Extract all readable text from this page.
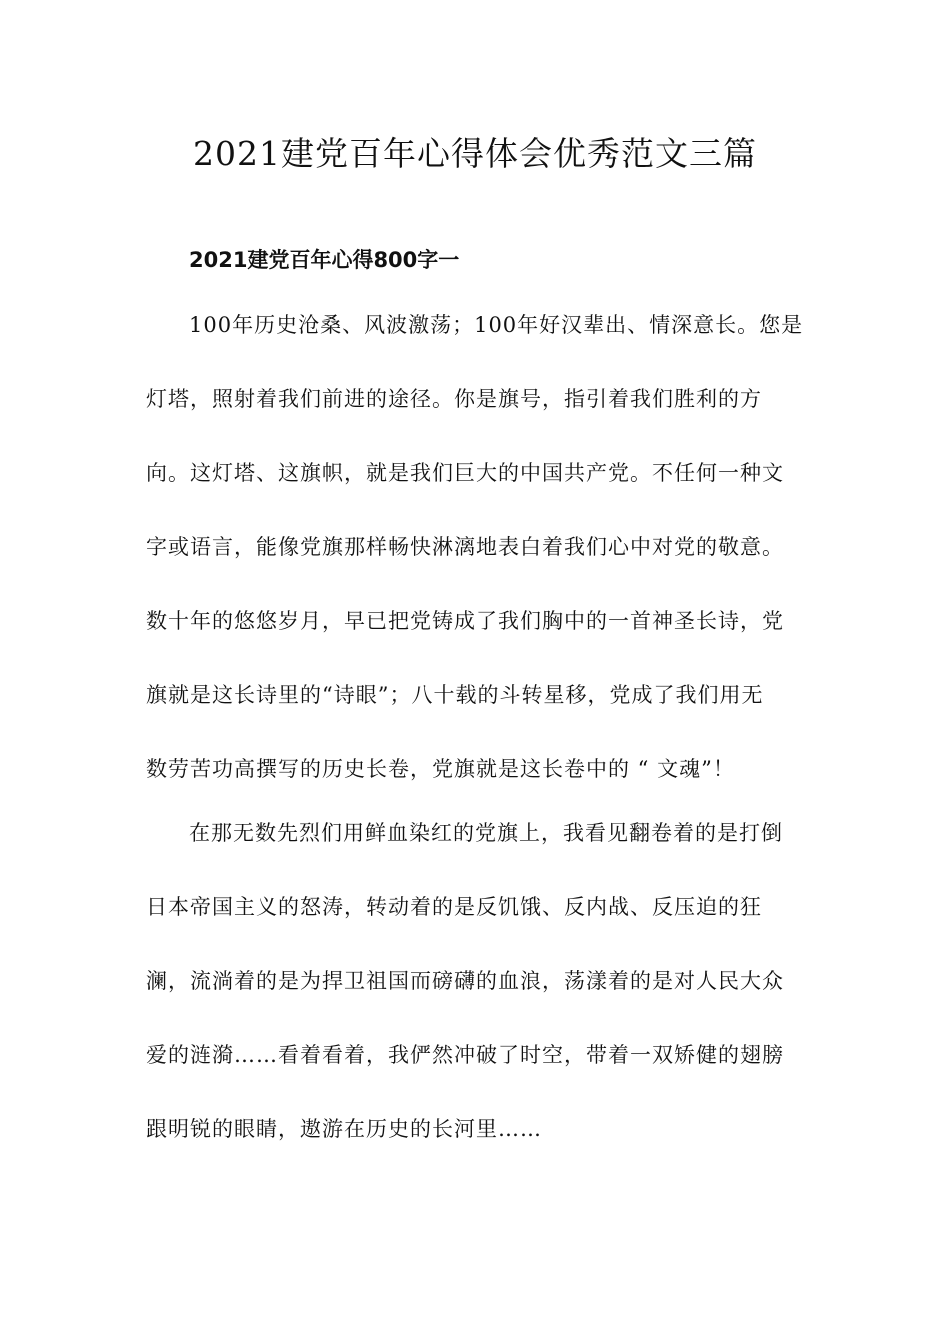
2021建党百年心得体会优秀范文三篇
2021建党百年心得800字一
100年历史沧桑、风波激荡；100年好汉辈出、情深意长。您是
灯塔，照射着我们前进的途径。你是旗号，指引着我们胜利的方
向。这灯塔、这旗帜，就是我们巨大的中国共产党。不任何一种文
字或语言，能像党旗那样畅快淋漓地表白着我们心中对党的敬意。
数十年的悠悠岁月，早已把党铸成了我们胸中的一首神圣长诗，党
旗就是这长诗里的“诗眼”；八十载的斗转星移，党成了我们用无
数劳苦功高撰写的历史长卷，党旗就是这长卷中的 “ 文魂”！
在那无数先烈们用鲜血染红的党旗上，我看见翻卷着的是打倒
日本帝国主义的怒涛，转动着的是反饥饿、反内战、反压迫的狂
澜，流淌着的是为捍卫祖国而磅礴的血浪，荡漾着的是对人民大众
爱的涟漪……看着看着，我俨然冲破了时空，带着一双矫健的翅膀
跟明锐的眼睛，遨游在历史的长河里……
